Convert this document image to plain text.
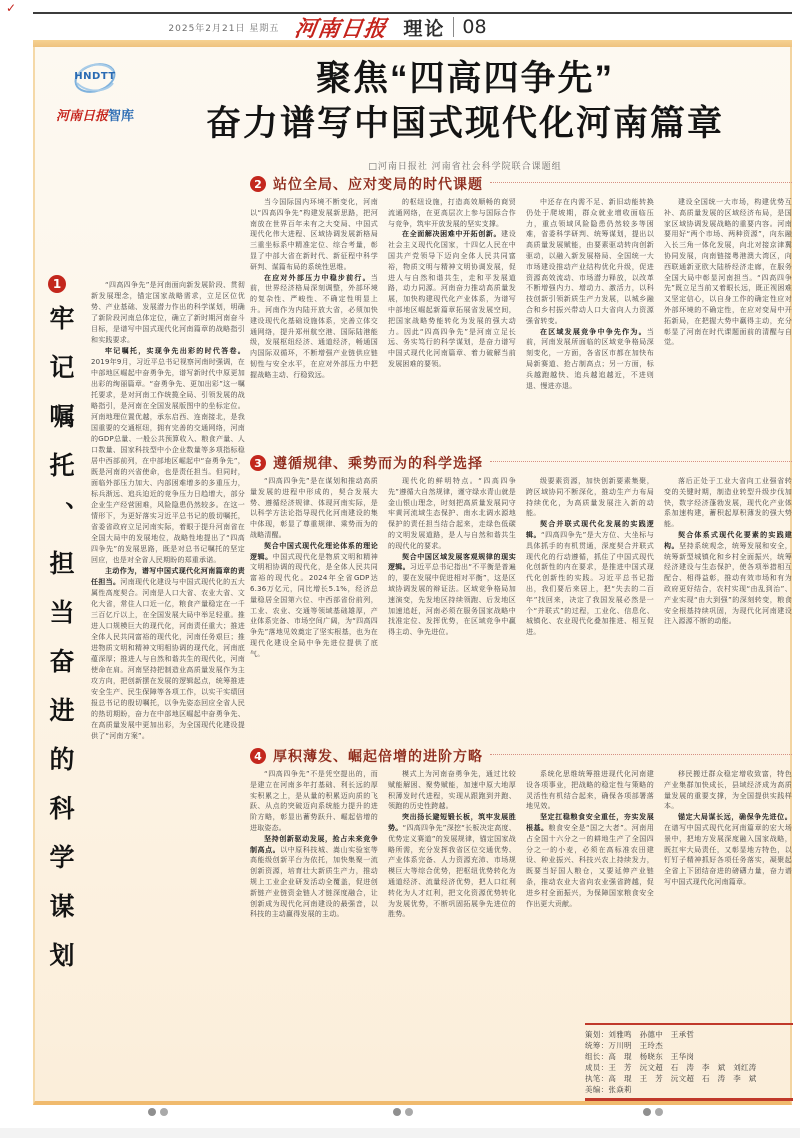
✓
2025年2月21日 星期五 河南日报 理论 08
HNDTT
河南日报智库
聚焦“四高四争先”
奋力谱写中国式现代化河南篇章
□河南日报社 河南省社会科学院联合课题组
1
牢记嘱托、担当奋进的科学谋划

“四高四争先”是河南面向新发展阶段、贯彻新发展理念，锚定国家战略需求，立足区位优势、产业基础、发展潜力作出的科学谋划，明确了新阶段河南总体定位，确立了新时期河南奋斗目标，是谱写中国式现代化河南篇章的战略指引和实践要求。

牢记嘱托，实现争先出彩的时代答卷。2019年9月，习近平总书记视察河南时强调，在中部地区崛起中奋勇争先，谱写新时代中原更加出彩的绚丽篇章。“奋勇争先、更加出彩”这一嘱托要求，是对河南工作统揽全局、引领发展的战略指引，是河南在全国发展版图中的坐标定位。河南地理位置优越，承东启西、连南接北，是我国重要的交通枢纽，拥有完善的交通网络，河南的GDP总量、一般公共预算收入、粮食产量、人口数量、国家科技型中小企业数量等多项指标稳居中西部前列，在中部地区崛起中“奋勇争先”，既是河南的兴省使命，也是责任担当。但同时，面临外部压力加大、内部困难增多的多重压力，标兵渐远、追兵迫近的竞争压力日趋增大，部分企业生产经营困难，风险隐患仍然较多。在这一情形下，为更好落实习近平总书记的殷切嘱托，省委省政府立足河南实际，着眼于提升河南省在全国大局中的发展地位，战略性地提出了“四高四争先”的发展思路，既是对总书记嘱托的坚定回应，也是对全省人民期盼的郑重承诺。

主动作为，谱写中国式现代化河南篇章的责任担当。河南现代化建设与中国式现代化的五大属性高度契合。河南是人口大省、农业大省、文化大省，常住人口近一亿，粮食产量稳定在一千三百亿斤以上，在全国发展大局中举足轻重。推进人口规模巨大的现代化，河南责任重大；推进全体人民共同富裕的现代化，河南任务艰巨；推进物质文明和精神文明相协调的现代化，河南底蕴深厚；推进人与自然和谐共生的现代化，河南使命在肩。河南坚持把制造业高质量发展作为主攻方向，把创新摆在发展的逻辑起点，统筹推进安全生产、民生保障等各项工作，以实干实绩回报总书记的殷切嘱托，以争先姿态回应全省人民的热切期盼，奋力在中部地区崛起中奋勇争先、在高质量发展中更加出彩，为全国现代化建设提供了“河南方案”。

2 站位全局、应对变局的时代课题

当今国际国内环境不断变化，河南以“四高四争先”构建发展新思路，把河南放在世界百年未有之大变局、中国式现代化伟大进程、区域协调发展新格局三重坐标系中精准定位、综合考量，彰显了中部大省在新时代、新征程中科学研判、谋篇布局的系统性思维。

在应对外部压力中稳步前行。当前，世界经济格局深刻调整，外部环境的复杂性、严峻性、不确定性明显上升。河南作为内陆开放大省，必须加快建设现代化基础设施体系，完善立体交通网络，提升郑州航空港、国际陆港能级，发展枢纽经济、通道经济，畅通国内国际双循环，不断增强产业链供应链韧性与安全水平，在应对外部压力中把握战略主动、行稳致远。

的枢纽设施，打造高效顺畅的商贸流通网络，在更高层次上参与国际合作与竞争，筑牢开放发展的坚实支撑。

在全面解决困难中开拓创新。建设社会主义现代化国家，十四亿人民在中国共产党领导下迈向全体人民共同富裕，物质文明与精神文明协调发展，促进人与自然和谐共生，走和平发展道路，动力同源。河南奋力推动高质量发展，加快构建现代化产业体系，为谱写中部地区崛起新篇章拓展省发展空间，把国家战略势能转化为发展的强大动力。因此“四高四争先”是河南立足长远、务实笃行的科学谋划，是奋力谱写中国式现代化河南篇章、着力破解当前发展困难的要领。

中还存在内需不足、新旧动能转换仍处于爬坡期，群众就业增收面临压力，重点领域风险隐患仍然较多等困难，省委科学研判、统筹谋划，提出以高质量发展赋能，由要素驱动转向创新驱动，以融入新发展格局、全国统一大市场建设推动产业结构优化升级，促进资源高效流动、市场潜力释放，以改革不断增强内力、增动力、激活力，以科技创新引领新质生产力发展，以城乡融合和乡村振兴带动人口大省向人力资源强省转变。

在区域发展竞争中争先作为。当前，河南发展所面临的区域竞争格局深刻变化，一方面，各省区市都在加快布局新赛道、抢占制高点；另一方面，标兵越跑越快、追兵越追越近，不进则退、慢进亦退。

建设全国统一大市场，构建优势互补、高质量发展的区域经济布局，是国家区域协调发展战略的重要内容。河南要用好“两个市场、两种资源”，向东融入长三角一体化发展，向北对接京津冀协同发展，向南链接粤港澳大湾区，向西联通新亚欧大陆桥经济走廊，在服务全国大局中彰显河南担当。“四高四争先”既立足当前又着眼长远，既正视困难又坚定信心，以自身工作的确定性应对外部环境的不确定性，在应对变局中开拓新局，在把握大势中赢得主动，充分彰显了河南在时代课题面前的清醒与自觉。

3 遵循规律、乘势而为的科学选择

“四高四争先”是在谋划和推动高质量发展的进程中形成的，契合发展大势、遵循经济规律、体现河南实际，是以科学方法论指导现代化河南建设的集中体现，彰显了尊重规律、乘势而为的战略清醒。

契合中国式现代化理论体系的理论逻辑。中国式现代化是物质文明和精神文明相协调的现代化，是全体人民共同富裕的现代化。2024年全省GDP达6.36万亿元，同比增长5.1%，经济总量稳居全国第六位、中西部省份前列，工业、农业、交通等领域基础雄厚，产业体系完备、市场空间广阔，为“四高四争先”落地见效奠定了坚实根基，也为在现代化建设全局中争先进位提供了底气。

现代化的鲜明特点。“四高四争先”遵循大自然规律，谨守绿水青山就是金山银山理念，时刻把高质量发展同守牢黄河流域生态保护、南水北调水源地保护的责任担当结合起来，走绿色低碳的文明发展道路，是人与自然和谐共生的现代化的要求。

契合中国区域发展客观规律的现实逻辑。习近平总书记指出“不平衡是普遍的，要在发展中促进相对平衡”，这是区域协调发展的辩证法。区域竞争格局加速演变，先发地区持续领跑、后发地区加速追赶，河南必须在服务国家战略中找准定位、发挥优势，在区域竞争中赢得主动、争先进位。

级要素资源，加快创新要素集聚，跨区域协同不断深化，推动生产力布局持续优化，为高质量发展注入新的动能。

契合并联式现代化发展的实践逻辑。“四高四争先”是大方位、大坐标与具体抓手的有机贯通，深度契合并联式现代化的行动遵循，抓住了中国式现代化创新性的内在要求，是推进中国式现代化创新性的实践。习近平总书记指出，我们要后来居上，把“失去的二百年”找回来，决定了我国发展必然是一个“并联式”的过程，工业化、信息化、城镇化、农业现代化叠加推进、相互促进。

落后正处于工业大省向工业强省转变的关键时期，制造业转型升级步伐加快，数字经济蓬勃发展，现代化产业体系加速构建，蓄积起厚积薄发的强大势能。

契合体系式现代化要素的实践建构。坚持系统观念，统筹发展和安全，统筹新型城镇化和乡村全面振兴，统筹经济建设与生态保护，使各项举措相互配合、相得益彰，推动有效市场和有为政府更好结合，农村实现“由乱到治”、产业实现“由大到强”的深刻转变，粮食安全根基持续巩固，为现代化河南建设注入源源不断的动能。

4 厚积薄发、崛起倍增的进阶方略

“四高四争先”不是凭空提出的，而是建立在河南多年打基础、利长远的厚实积累之上，是从量的积累迈向质的飞跃、从点的突破迈向系统能力提升的进阶方略，彰显出蓄势跃升、崛起倍增的进取姿态。

坚持创新驱动发展，抢占未来竞争制高点。以中原科技城、嵩山实验室等高能级创新平台为依托，加快集聚一流创新资源，培育壮大新质生产力，推动规上工业企业研发活动全覆盖，促进创新链产业链资金链人才链深度融合，让创新成为现代化河南建设的最强音，以科技的主动赢得发展的主动。

模式上为河南奋勇争先，通过比较赋能解困、聚势赋能，加速中原大地厚积薄发时代进程，实现从跟跑到并跑、领跑的历史性跨越。

突出扬长避短锻长板，筑牢发展胜势。“四高四争先”深挖“长板决定高度、优势定义赛道”的发展规律，锚定国家战略所需，充分发挥我省区位交通优势、产业体系完备、人力资源充沛、市场规模巨大等综合优势，把枢纽优势转化为通道经济、流量经济优势，把人口红利转化为人才红利，把文化资源优势转化为发展优势，不断巩固拓展争先进位的胜势。

系统化思维统筹推进现代化河南建设各项事业，把战略的稳定性与策略的灵活性有机结合起来，确保各项部署落地见效。

坚定扛稳粮食安全重任，夯实发展根基。粮食安全是“国之大者”。河南用占全国十六分之一的耕地生产了全国四分之一的小麦，必须在高标准农田建设、种业振兴、科技兴农上持续发力，既要当好国人粮仓，又要延伸产业链条，推动农业大省向农业强省跨越，促进乡村全面振兴，为保障国家粮食安全作出更大贡献。

移民搬迁群众稳定增收致富，特色产业集群加快成长，县域经济成为高质量发展的重要支撑，为全国提供实践样本。

锚定大局谋长远，确保争先进位。在谱写中国式现代化河南篇章的宏大场景中，把地方发展深度融入国家战略，既扛牢大局责任，又彰显地方特色，以钉钉子精神抓好各项任务落实，凝聚起全省上下团结奋进的磅礴力量，奋力谱写中国式现代化河南篇章。

策划：刘雅鸣　孙德中　王承哲
统筹：万川明　王玲杰
组长：高　琨　杨晓东　王华岗
成员：王　芳　沅文超　石　涛　李　斌　刘红涛
执笔：高　琨　王　芳　沅文超　石　涛　李　斌
美编：张焱莉
